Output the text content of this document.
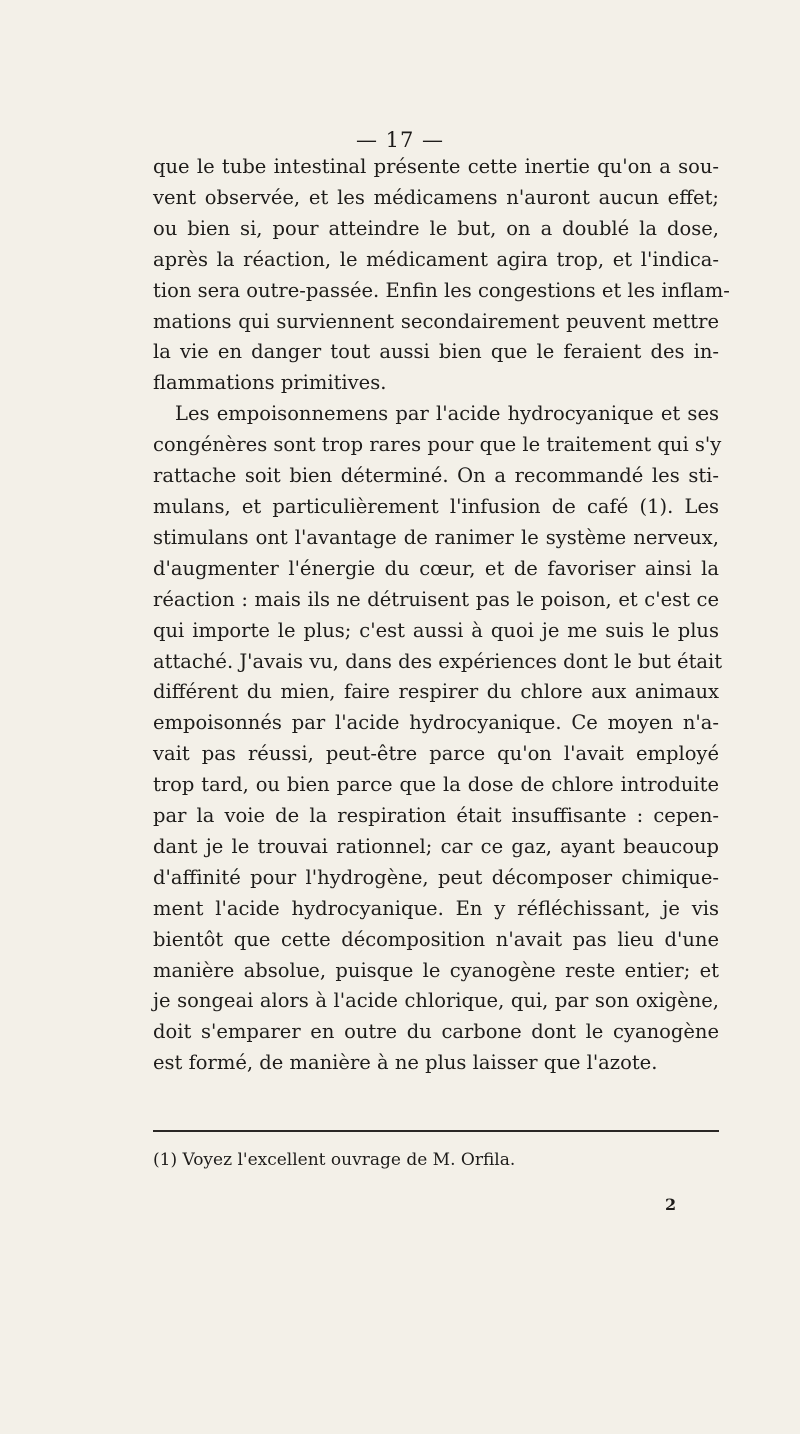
— 17 —
que le tube intestinal présente cette inertie qu'on a sou-
vent observée, et les médicamens n'auront aucun effet;
ou bien si, pour atteindre le but, on a doublé la dose,
après la réaction, le médicament agira trop, et l'indica-
tion sera outre-passée. Enfin les congestions et les inflam-
mations qui surviennent secondairement peuvent mettre
la vie en danger tout aussi bien que le feraient des in-
flammations primitives.
Les empoisonnemens par l'acide hydrocyanique et ses
congénères sont trop rares pour que le traitement qui s'y
rattache soit bien déterminé. On a recommandé les sti-
mulans, et particulièrement l'infusion de café (1). Les
stimulans ont l'avantage de ranimer le système nerveux,
d'augmenter l'énergie du cœur, et de favoriser ainsi la
réaction : mais ils ne détruisent pas le poison, et c'est ce
qui importe le plus; c'est aussi à quoi je me suis le plus
attaché. J'avais vu, dans des expériences dont le but était
différent du mien, faire respirer du chlore aux animaux
empoisonnés par l'acide hydrocyanique. Ce moyen n'a-
vait pas réussi, peut-être parce qu'on l'avait employé
trop tard, ou bien parce que la dose de chlore introduite
par la voie de la respiration était insuffisante : cepen-
dant je le trouvai rationnel; car ce gaz, ayant beaucoup
d'affinité pour l'hydrogène, peut décomposer chimique-
ment l'acide hydrocyanique. En y réfléchissant, je vis
bientôt que cette décomposition n'avait pas lieu d'une
manière absolue, puisque le cyanogène reste entier; et
je songeai alors à l'acide chlorique, qui, par son oxigène,
doit s'emparer en outre du carbone dont le cyanogène
est formé, de manière à ne plus laisser que l'azote.
(1) Voyez l'excellent ouvrage de M. Orfila.
2
